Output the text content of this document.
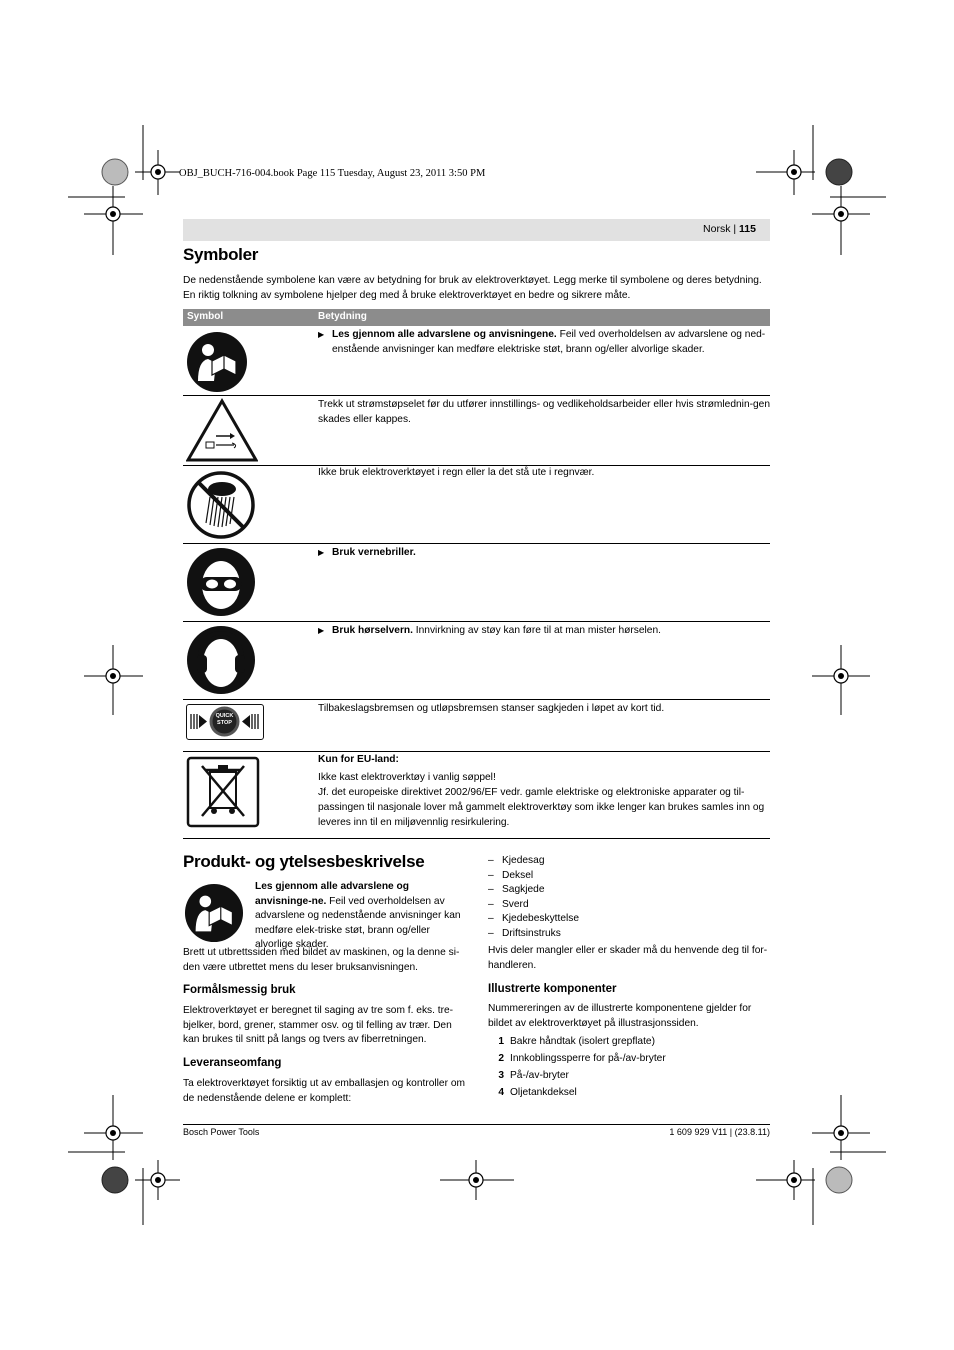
OBJ_BUCH-716-004.book Page 115 Tuesday, August 23, 2011 3:50 PM
Norsk | 115
Symboler
De nedenstående symbolene kan være av betydning for bruk av elektroverktøyet. Legg merke til symbolene og deres betydning. En riktig tolkning av symbolene hjelper deg med å bruke elektroverktøyet en bedre og sikrere måte.
Symbol	Betydning
▶ Les gjennom alle advarslene og anvisningene. Feil ved overholdelsen av advarslene og ned-enstående anvisninger kan medføre elektriske støt, brann og/eller alvorlige skader.
Trekk ut strømstøpselet før du utfører innstillings- og vedlikeholdsarbeider eller hvis strømlednin-gen skades eller kappes.
Ikke bruk elektroverktøyet i regn eller la det stå ute i regnvær.
▶ Bruk vernebriller.
▶ Bruk hørselvern. Innvirkning av støy kan føre til at man mister hørselen.
QUICK
STOP
Tilbakeslagsbremsen og utløpsbremsen stanser sagkjeden i løpet av kort tid.
Kun for EU-land:
Ikke kast elektroverktøy i vanlig søppel!
Jf. det europeiske direktivet 2002/96/EF vedr. gamle elektriske og elektroniske apparater og til-passingen til nasjonale lover må gammelt elektroverktøy som ikke lenger kan brukes samles inn og leveres inn til en miljøvennlig resirkulering.
Produkt- og ytelsesbeskrivelse
Les gjennom alle advarslene og anvisninge-ne. Feil ved overholdelsen av advarslene og nedenstående anvisninger kan medføre elek-triske støt, brann og/eller alvorlige skader.
Brett ut utbrettssiden med bildet av maskinen, og la denne si-den være utbrettet mens du leser bruksanvisningen.
Formålsmessig bruk
Elektroverktøyet er beregnet til saging av tre som f. eks. tre-bjelker, bord, grener, stammer osv. og til felling av trær. Den kan brukes til snitt på langs og tvers av fiberretningen.
Leveranseomfang
Ta elektroverktøyet forsiktig ut av emballasjen og kontroller om de nedenstående delene er komplett:
– Kjedesag
– Deksel
– Sagkjede
– Sverd
– Kjedebeskyttelse
– Driftsinstruks
Hvis deler mangler eller er skader må du henvende deg til for-handleren.
Illustrerte komponenter
Nummereringen av de illustrerte komponentene gjelder for bildet av elektroverktøyet på illustrasjonssiden.
1 Bakre håndtak (isolert grepflate)
2 Innkoblingssperre for på-/av-bryter
3 På-/av-bryter
4 Oljetankdeksel
Bosch Power Tools	1 609 929 V11 | (23.8.11)
